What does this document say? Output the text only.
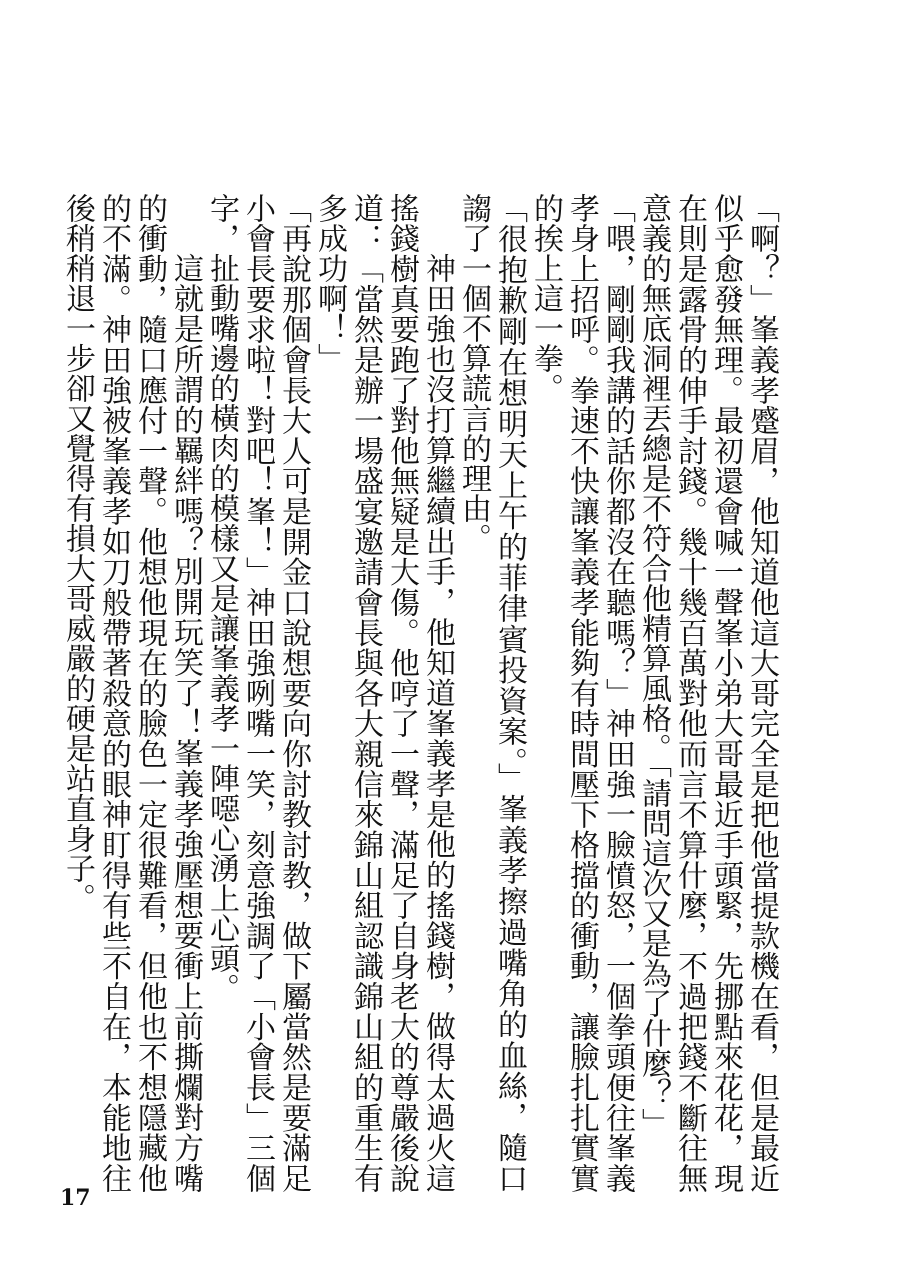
「啊？」峯義孝蹙眉，他知道他這大哥完全是把他當提款機在看，但是最近似乎愈發無理。最初還會喊一聲峯小弟大哥最近手頭緊，先挪點來花花，現在則是露骨的伸手討錢。幾十幾百萬對他而言不算什麼，不過把錢不斷往無意義的無底洞裡丟總是不符合他精算風格。「請問這次又是為了什麼？」

「喂，剛剛我講的話你都沒在聽嗎？」神田強一臉憤怒，一個拳頭便往峯義孝身上招呼。拳速不快讓峯義孝能夠有時間壓下格擋的衝動，讓臉扎扎實實的挨上這一拳。

「很抱歉剛在想明天上午的菲律賓投資案。」峯義孝擦過嘴角的血絲，隨口謅了一個不算謊言的理由。

神田強也沒打算繼續出手，他知道峯義孝是他的搖錢樹，做得太過火這搖錢樹真要跑了對他無疑是大傷。他哼了一聲，滿足了自身老大的尊嚴後說道：「當然是辦一場盛宴邀請會長與各大親信來錦山組認識錦山組的重生有多成功啊！」

「再說那個會長大人可是開金口說想要向你討教討教，做下屬當然是要滿足小會長要求啦！對吧！峯！」神田強咧嘴一笑，刻意強調了「小會長」三個字，扯動嘴邊的橫肉的模樣又是讓峯義孝一陣噁心湧上心頭。

這就是所謂的羈絆嗎？別開玩笑了！峯義孝強壓想要衝上前撕爛對方嘴的衝動，隨口應付一聲。他想他現在的臉色一定很難看，但他也不想隱藏他的不滿。神田強被峯義孝如刀般帶著殺意的眼神盯得有些不自在，本能地往後稍稍退一步卻又覺得有損大哥威嚴的硬是站直身子。

17
